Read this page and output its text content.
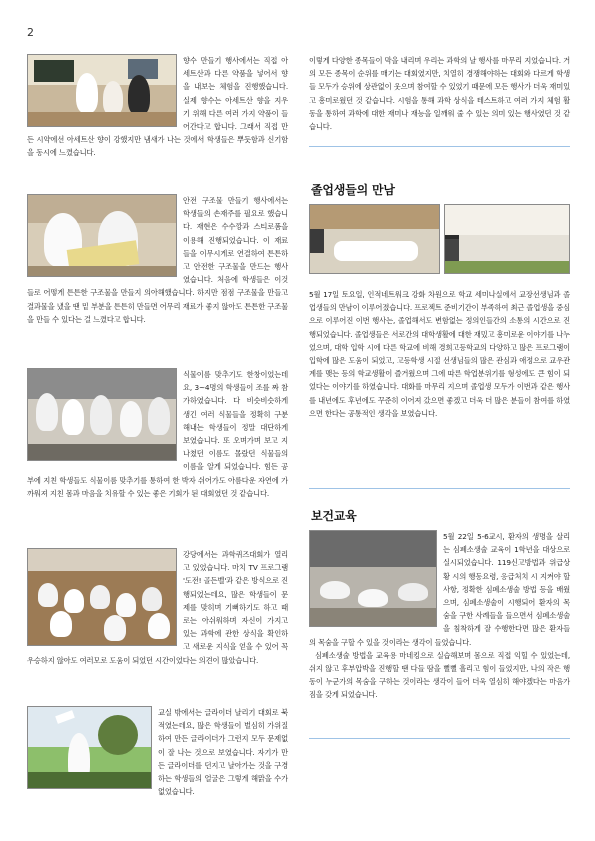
2

향수 만들기 행사에서는 직접 아세트산과 다른 약품을 넣어서 향을 내보는 체험을 진행했습니다. 실제 향수는 아세트산 향을 지우기 위해 다른 여러 가지 약품이 들어간다고 합니다. 그래서 직접 만든 시약에선 아세트산 향이 강했지만 냄새가 나는 것에서 학생들은 뿌듯함과 신기함을 동시에 느꼈습니다.

안전 구조물 만들기 행사에서는 학생들의 손재주를 필요로 했습니다. 재현은 수수깡과 스티로폼을 이용해 진행되었습니다. 이 재료들을 이무시게로 연결하여 튼튼하고 안전한 구조물을 만드는 행사였습니다. 처음에 학생들은 이것들로 어떻게 튼튼한 구조물을 만들지 의아해했습니다. 하지만 점점 구조물을 만들고 결과물을 냈을 땐 밑 부분을 튼튼히 만들면 어무리 재료가 좋지 않아도 튼튼한 구조물을 만들 수 있다는 걸 느꼈다고 합니다.

식물이름 맞추기도 한창이었는데요, 3~4명의 학생들이 조를 짜 참가하였습니다. 다 비슷비슷하게 생긴 여러 식물들을 정확히 구분해내는 학생들이 정말 대단하게 보였습니다. 또 오며가며 보고 지나쳤던 이름도 몰랐던 식물들의 이름을 알게 되었습니다. 힘든 공부에 지친 학생들도 식물이름 맞추기를 통하여 한 박자 쉬어가도 아름다운 자연에 가까워져 지친 몸과 마음을 치유할 수 있는 좋은 기회가 된 대회였던 것 같습니다.

강당에서는 과학퀴즈대회가 열리고 있었습니다. 마치 TV 프로그램 '도전! 골든벨'과 같은 방식으로 진행되었는데요, 많은 학생들이 문제를 맞히며 기뻐하기도 하고 때로는 아쉬워하며 자신이 가지고 있는 과학에 관한 상식을 확인하고 새로운 지식을 얻을 수 있어 꼭 우승하지 않아도 여러모로 도움이 되었던 시간이었다는 의견이 많았습니다.

교실 밖에서는 글라이더 날리기 대회로 북적였는데요, 많은 학생들이 벌심히 가위질 하여 만든 글라이더가 그런지 모두 문제없이 잘 나는 것으로 보였습니다. 자기가 만든 글라이더를 던지고 날아가는 것을 구경하는 학생들의 얼굴은 그렇게 해맑을 수가 없었습니다.

이렇게 다양한 종목들이 막을 내리며 우리는 과학의 날 행사를 마무리 지었습니다. 거의 모든 종목이 순위를 매기는 대회였지만, 치열히 경쟁해야하는 대회와 다르게 학생들 모두가 승위에 상관없이 웃으며 참여할 수 있었기 때문에 모든 행사가 더욱 재미있고 흥미로웠던 것 같습니다. 시험을 통해 과학 상식을 테스트하고 여러 가지 체험 활동을 통하여 과학에 대한 재미나 재능을 일깨워 줄 수 있는 의미 있는 행사였던 것 같습니다.

졸업생들의 만남

5월 17일 토요일, 인적네트워크 강화 차원으로 학교 세미나실에서 교장선생님과 졸업생들의 만남이 이루어졌습니다. 프로젝트 준비기간이 부족하여 최근 졸업생을 중심으로 이루어진 이번 행사는, 졸업해서도 변함없는 정의인들간의 소통의 시간으로 진행되었습니다. 졸업생들은 서로간의 대학생활에 대한 재밌고 흥미로운 이야기를 나누었으며, 대학 입학 시에 다른 학교에 비해 경희고등학교의 다양하고 많은 프로그램이 입학에 많은 도움이 되었고, 고등학생 시절 선생님들의 많은 관심과 애정으로 교우관계를 맺는 등의 학교생활이 즐거웠으며 그에 따른 학업분위기를 형성에도 큰 힘이 되었다는 이야기를 하였습니다. 대화를 마무리 지으며 졸업생 모두가 이번과 같은 행사를 내년에도 후년에도 꾸준히 이어져 갔으면 좋겠고 더욱 더 많은 분들이 참여를 하였으면 한다는 공통적인 생각을 보였습니다.

보건교육

5월 22일 5-6교시, 환자의 생명을 살리는 심폐소생술 교육이 1학년을 대상으로 실시되었습니다. 119신고방법과 위급상황 시의 행동요령, 응급처치 시 지켜야 할 사항, 정확한 심폐소생술 방법 등을 배웠으며, 심폐소생술이 시행되어 환자의 목숨을 구한 사례들을 들으면서 심폐소생술을 침착하게 잘 수행한다면 많은 환자들의 목숨을 구할 수 있을 것이라는 생각이 들었습니다.

심폐소생술 방법을 교육용 마네킹으로 실습해보며 몸으로 직접 익힐 수 있었는데, 쉬지 않고 후부압박을 진행할 땐 다들 땀을 뻘뻘 흘리고 힘이 들었지만, 나의 작은 행동이 누군가의 목숨을 구하는 것이라는 생각이 들어 더욱 열심히 해야겠다는 마음가짐을 갖게 되었습니다.
